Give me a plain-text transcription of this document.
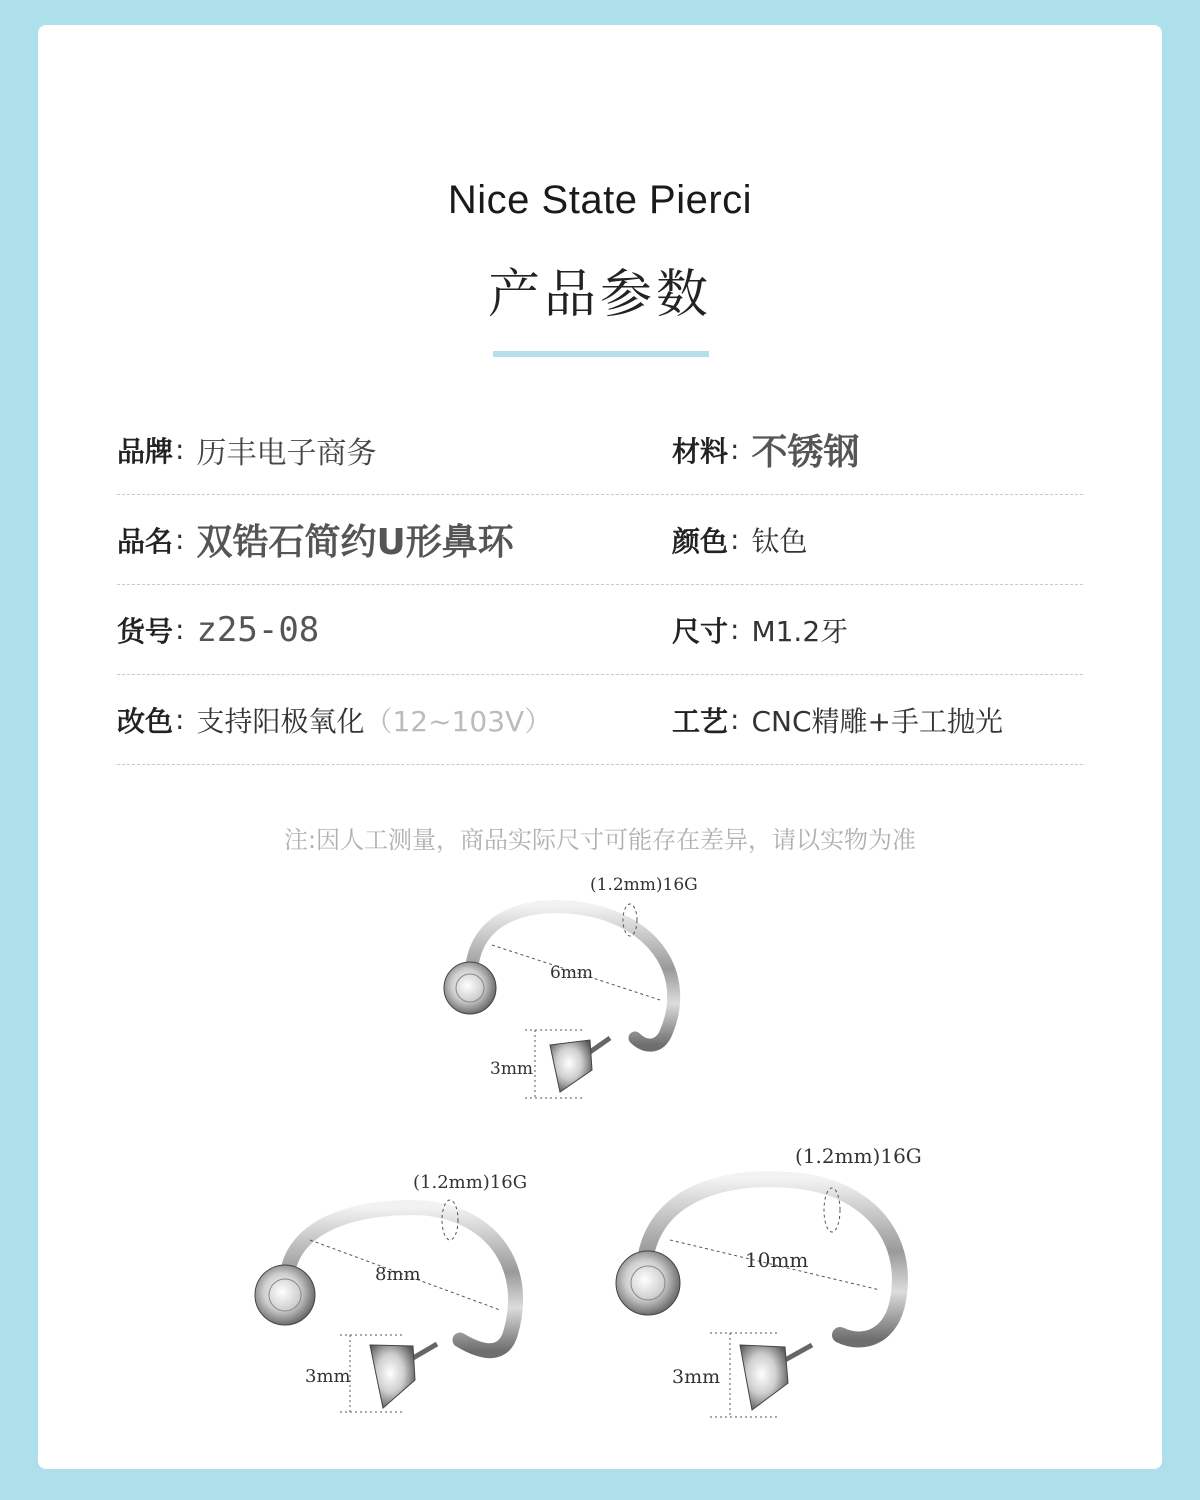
Nice State Pierci
产品参数
品牌 : 历丰电子商务	材料 : 不锈钢
品名 : 双锆石简约U形鼻环	颜色 : 钛色
货号 : z25-08	尺寸 : M1.2牙
改色 : 支持阳极氧化（12~103V）	工艺 : CNC精雕+手工抛光
注:因人工测量，商品实际尺寸可能存在差异，请以实物为准
(1.2mm)16G
6mm
3mm
(1.2mm)16G
8mm
3mm
(1.2mm)16G
10mm
3mm
